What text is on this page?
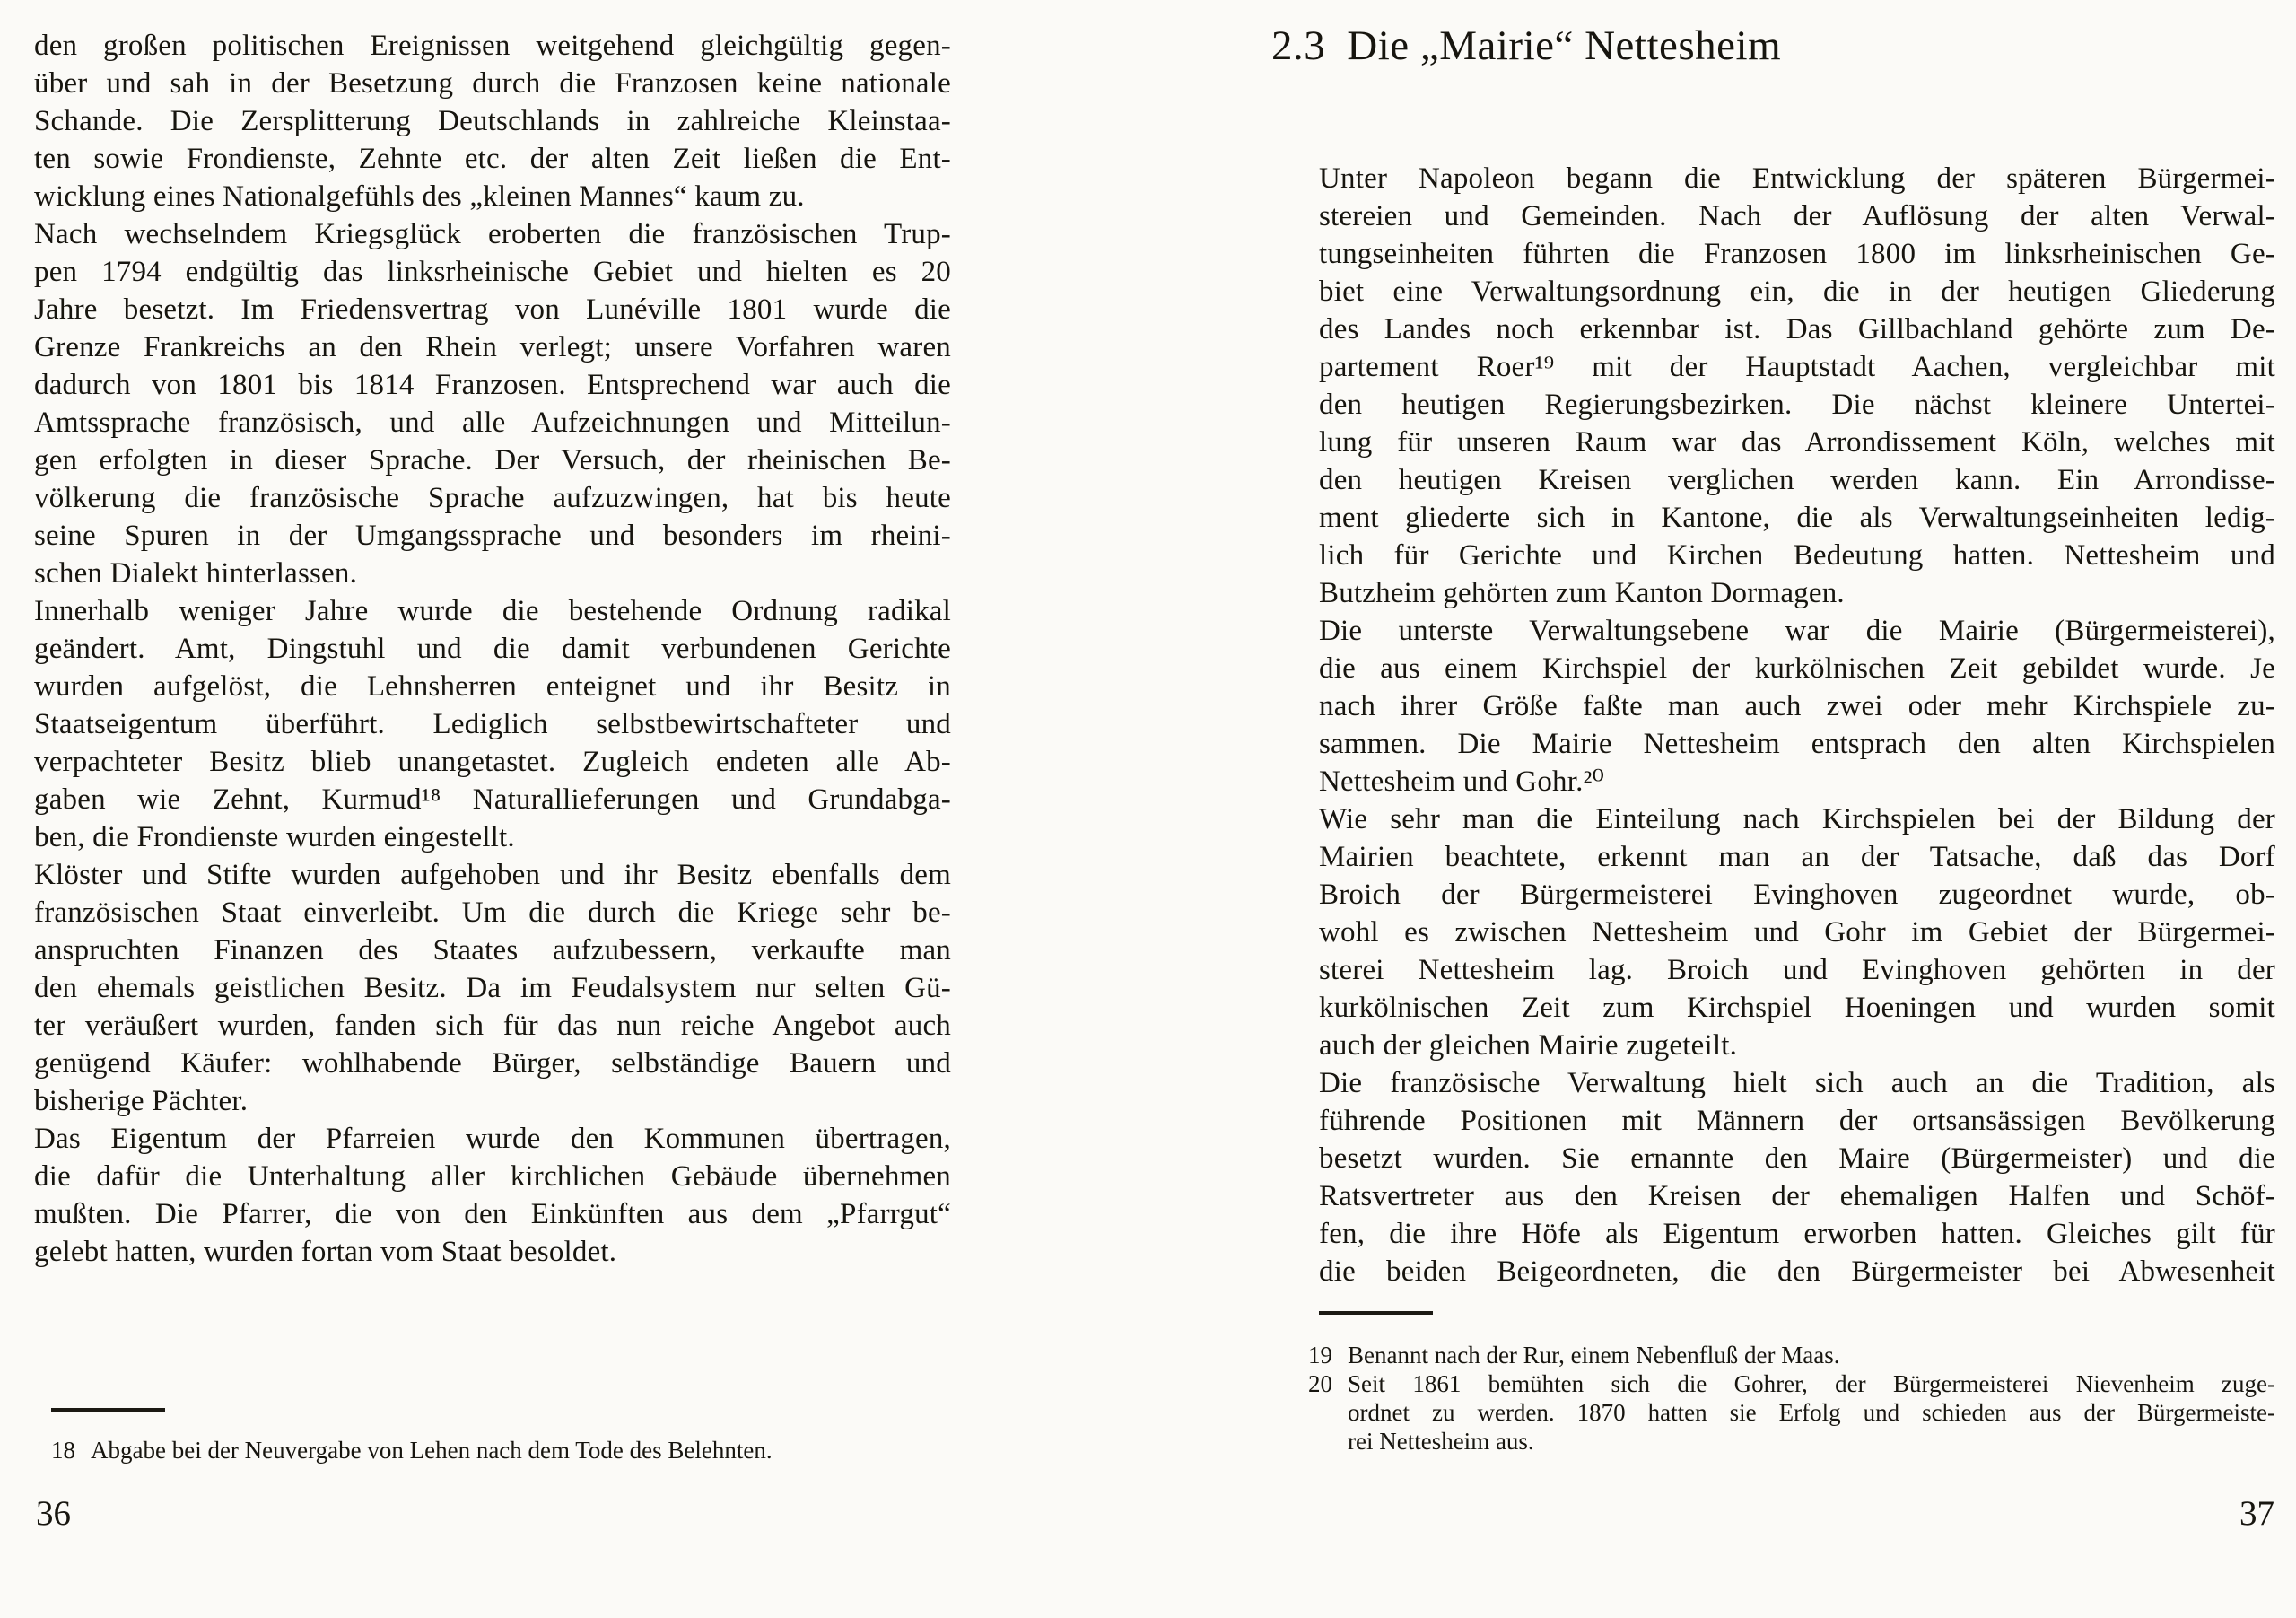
den großen politischen Ereignissen weitgehend gleichgültig gegen-
über und sah in der Besetzung durch die Franzosen keine nationale
Schande. Die Zersplitterung Deutschlands in zahlreiche Kleinstaa-
ten sowie Frondienste, Zehnte etc. der alten Zeit ließen die Ent-
wicklung eines Nationalgefühls des „kleinen Mannes“ kaum zu.
Nach wechselndem Kriegsglück eroberten die französischen Trup-
pen 1794 endgültig das linksrheinische Gebiet und hielten es 20
Jahre besetzt. Im Friedensvertrag von Lunéville 1801 wurde die
Grenze Frankreichs an den Rhein verlegt; unsere Vorfahren waren
dadurch von 1801 bis 1814 Franzosen. Entsprechend war auch die
Amtssprache französisch, und alle Aufzeichnungen und Mitteilun-
gen erfolgten in dieser Sprache. Der Versuch, der rheinischen Be-
völkerung die französische Sprache aufzuzwingen, hat bis heute
seine Spuren in der Umgangssprache und besonders im rheini-
schen Dialekt hinterlassen.
Innerhalb weniger Jahre wurde die bestehende Ordnung radikal
geändert. Amt, Dingstuhl und die damit verbundenen Gerichte
wurden aufgelöst, die Lehnsherren enteignet und ihr Besitz in
Staatseigentum überführt. Lediglich selbstbewirtschafteter und
verpachteter Besitz blieb unangetastet. Zugleich endeten alle Ab-
gaben wie Zehnt, Kurmud¹⁸ Naturallieferungen und Grundabga-
ben, die Frondienste wurden eingestellt.
Klöster und Stifte wurden aufgehoben und ihr Besitz ebenfalls dem
französischen Staat einverleibt. Um die durch die Kriege sehr be-
anspruchten Finanzen des Staates aufzubessern, verkaufte man
den ehemals geistlichen Besitz. Da im Feudalsystem nur selten Gü-
ter veräußert wurden, fanden sich für das nun reiche Angebot auch
genügend Käufer: wohlhabende Bürger, selbständige Bauern und
bisherige Pächter.
Das Eigentum der Pfarreien wurde den Kommunen übertragen,
die dafür die Unterhaltung aller kirchlichen Gebäude übernehmen
mußten. Die Pfarrer, die von den Einkünften aus dem „Pfarrgut“
gelebt hatten, wurden fortan vom Staat besoldet.
18 Abgabe bei der Neuvergabe von Lehen nach dem Tode des Belehnten.
36
2.3 Die „Mairie“ Nettesheim
Unter Napoleon begann die Entwicklung der späteren Bürgermei-
stereien und Gemeinden. Nach der Auflösung der alten Verwal-
tungseinheiten führten die Franzosen 1800 im linksrheinischen Ge-
biet eine Verwaltungsordnung ein, die in der heutigen Gliederung
des Landes noch erkennbar ist. Das Gillbachland gehörte zum De-
partement Roer¹⁹ mit der Hauptstadt Aachen, vergleichbar mit
den heutigen Regierungsbezirken. Die nächst kleinere Untertei-
lung für unseren Raum war das Arrondissement Köln, welches mit
den heutigen Kreisen verglichen werden kann. Ein Arrondisse-
ment gliederte sich in Kantone, die als Verwaltungseinheiten ledig-
lich für Gerichte und Kirchen Bedeutung hatten. Nettesheim und
Butzheim gehörten zum Kanton Dormagen.
Die unterste Verwaltungsebene war die Mairie (Bürgermeisterei),
die aus einem Kirchspiel der kurkölnischen Zeit gebildet wurde. Je
nach ihrer Größe faßte man auch zwei oder mehr Kirchspiele zu-
sammen. Die Mairie Nettesheim entsprach den alten Kirchspielen
Nettesheim und Gohr.²⁰
Wie sehr man die Einteilung nach Kirchspielen bei der Bildung der
Mairien beachtete, erkennt man an der Tatsache, daß das Dorf
Broich der Bürgermeisterei Evinghoven zugeordnet wurde, ob-
wohl es zwischen Nettesheim und Gohr im Gebiet der Bürgermei-
sterei Nettesheim lag. Broich und Evinghoven gehörten in der
kurkölnischen Zeit zum Kirchspiel Hoeningen und wurden somit
auch der gleichen Mairie zugeteilt.
Die französische Verwaltung hielt sich auch an die Tradition, als
führende Positionen mit Männern der ortsansässigen Bevölkerung
besetzt wurden. Sie ernannte den Maire (Bürgermeister) und die
Ratsvertreter aus den Kreisen der ehemaligen Halfen und Schöf-
fen, die ihre Höfe als Eigentum erworben hatten. Gleiches gilt für
die beiden Beigeordneten, die den Bürgermeister bei Abwesenheit
19 Benannt nach der Rur, einem Nebenfluß der Maas.
20 Seit 1861 bemühten sich die Gohrer, der Bürgermeisterei Nievenheim zuge-
ordnet zu werden. 1870 hatten sie Erfolg und schieden aus der Bürgermeiste-
rei Nettesheim aus.
37
